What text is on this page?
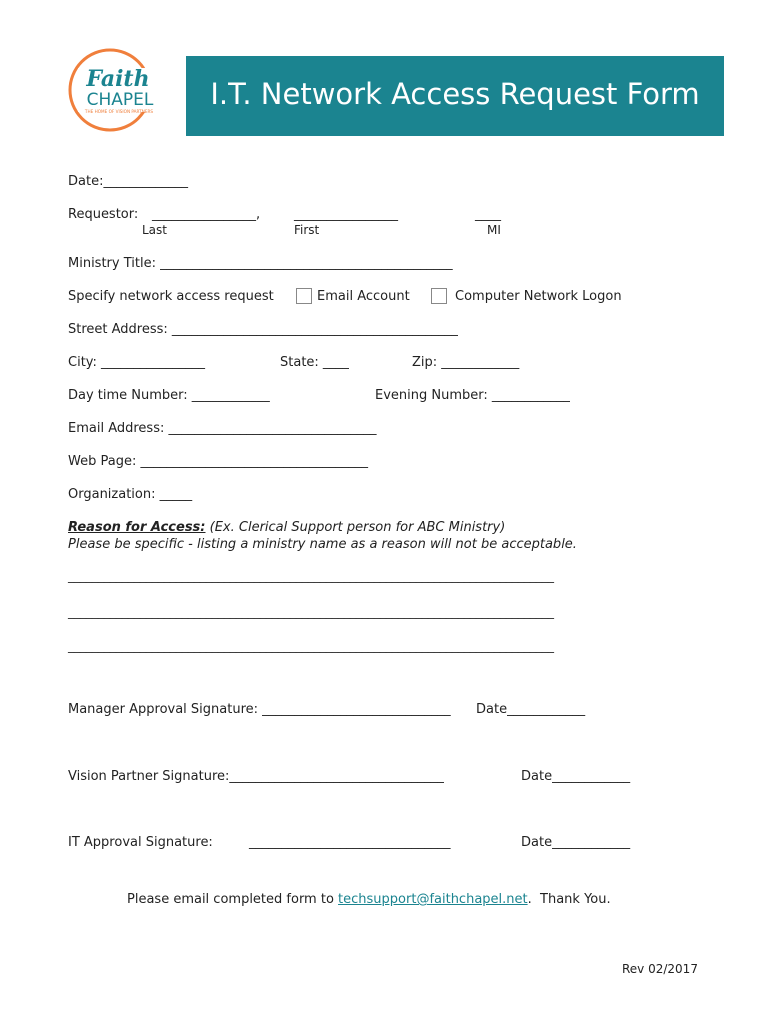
Faith
CHAPEL
THE HOME OF VISION PARTNERS
I.T. Network Access Request Form
Date:_____________
Requestor: ________________,	________________	____
Last	First	MI
Ministry Title: _____________________________________________
Specify network access request	Email Account	Computer Network Logon
Street Address: ____________________________________________
City: ________________	State: ____	Zip: ____________
Day time Number: ____________	Evening Number: ____________
Email Address: ________________________________
Web Page: ___________________________________
Organization: _____
Reason for Access: (Ex. Clerical Support person for ABC Ministry)
Please be specific - listing a ministry name as a reason will not be acceptable.
_________________________________________________________________________________
_________________________________________________________________________________
_________________________________________________________________________________
Manager Approval Signature: _____________________________ Date____________
Vision Partner Signature:_________________________________	Date____________
IT Approval Signature:	_______________________________	Date____________
Please email completed form to techsupport@faithchapel.net.  Thank You.
Rev 02/2017
